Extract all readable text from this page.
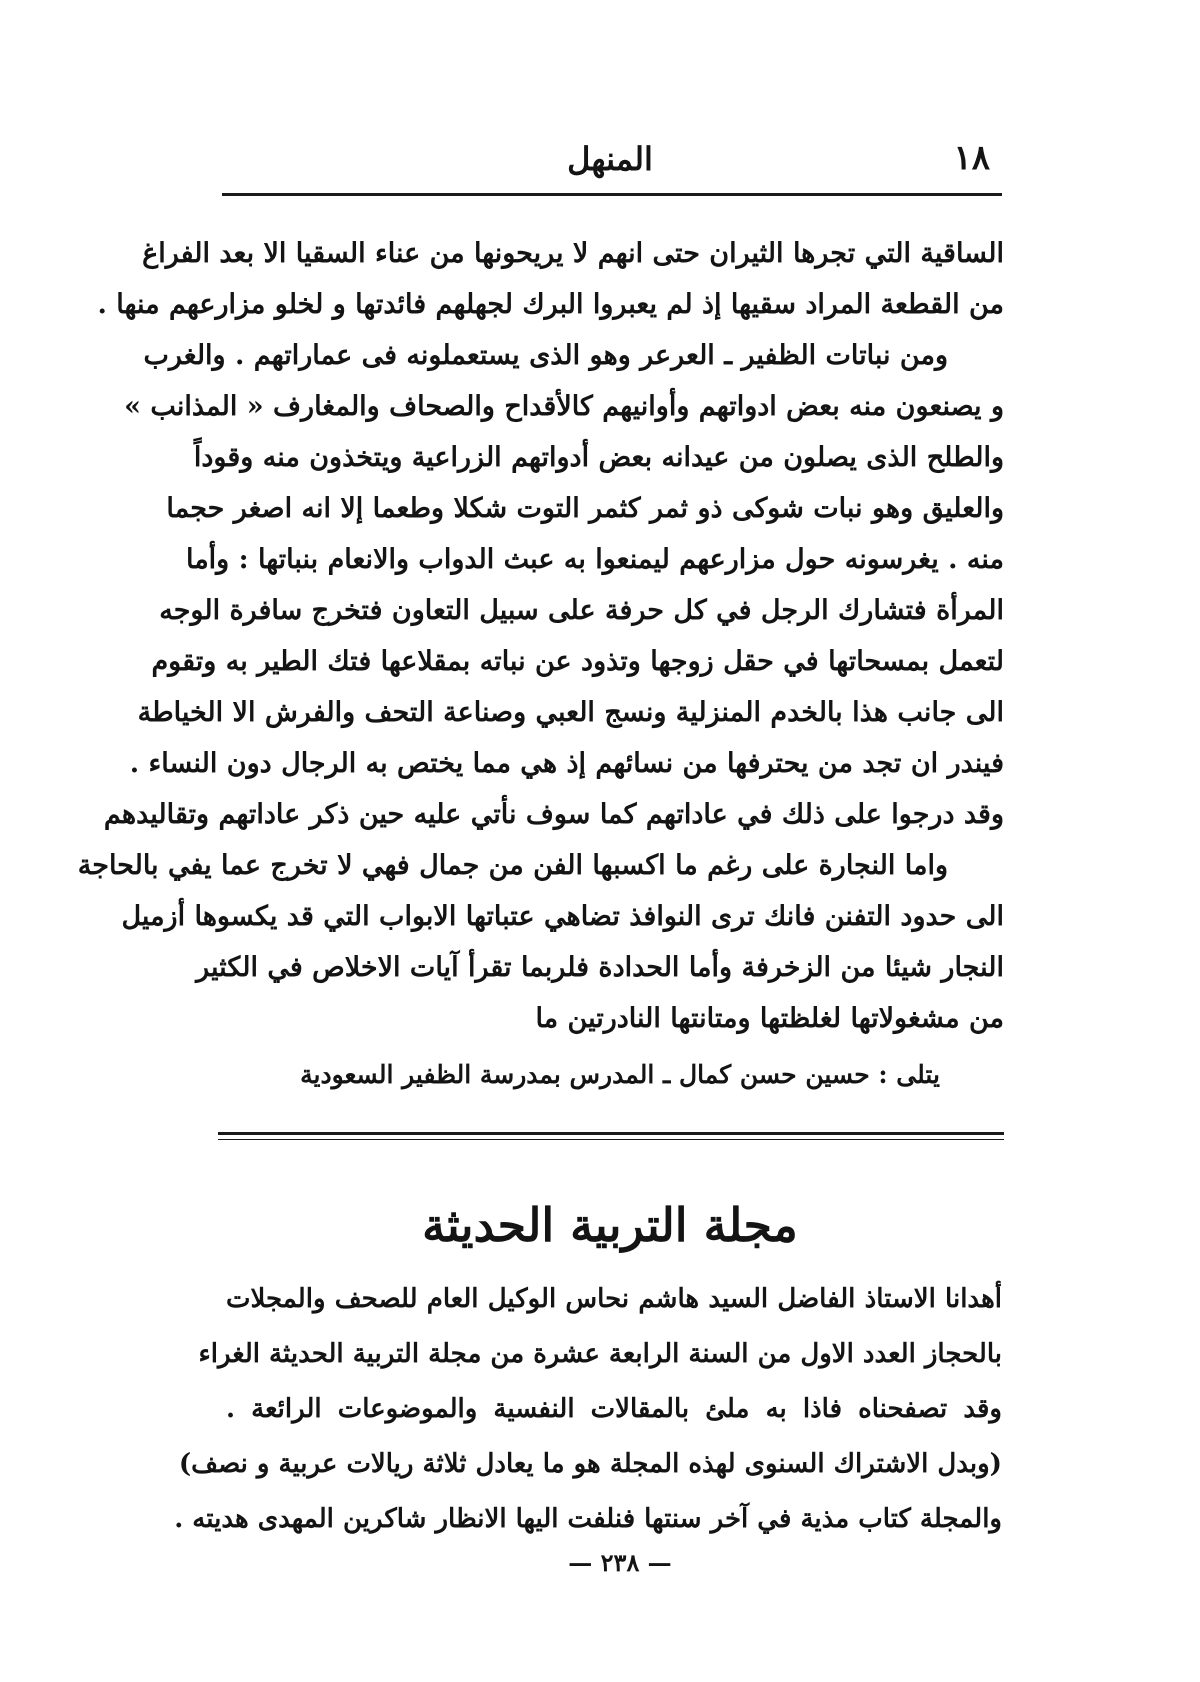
١٨
المنهل
الساقية التي تجرها الثيران حتى انهم لا يريحونها من عناء السقيا الا بعد الفراغ
من القطعة المراد سقيها إذ لم يعبروا البرك لجهلهم فائدتها و لخلو مزارعهم منها .
ومن نباتات الظفير ـ العرعر وهو الذى يستعملونه فى عماراتهم . والغرب
و يصنعون منه بعض ادواتهم وأوانيهم كالأقداح والصحاف والمغارف « المذانب »
والطلح الذى يصلون من عيدانه بعض أدواتهم الزراعية ويتخذون منه وقوداً
والعليق وهو نبات شوكى ذو ثمر كثمر التوت شكلا وطعما إلا انه اصغر حجما
منه . يغرسونه حول مزارعهم ليمنعوا به عبث الدواب والانعام بنباتها : وأما
المرأة فتشارك الرجل في كل حرفة على سبيل التعاون فتخرج سافرة الوجه
لتعمل بمسحاتها في حقل زوجها وتذود عن نباته بمقلاعها فتك الطير به وتقوم
الى جانب هذا بالخدم المنزلية ونسج العبي وصناعة التحف والفرش الا الخياطة
فيندر ان تجد من يحترفها من نسائهم إذ هي مما يختص به الرجال دون النساء .
وقد درجوا على ذلك في عاداتهم كما سوف نأتي عليه حين ذكر عاداتهم وتقاليدهم
واما النجارة على رغم ما اكسبها الفن من جمال فهي لا تخرج عما يفي بالحاجة
الى حدود التفنن فانك ترى النوافذ تضاهي عتباتها الابواب التي قد يكسوها أزميل
النجار شيئا من الزخرفة وأما الحدادة فلربما تقرأ آيات الاخلاص في الكثير
من مشغولاتها لغلظتها ومتانتها النادرتين ما
يتلى : حسين حسن كمال ـ المدرس بمدرسة الظفير السعودية
مجلة التربية الحديثة
أهدانا الاستاذ الفاضل السيد هاشم نحاس الوكيل العام للصحف والمجلات
بالحجاز العدد الاول من السنة الرابعة عشرة من مجلة التربية الحديثة الغراء
وقد تصفحناه فاذا به ملئ بالمقالات النفسية والموضوعات الرائعة .
(وبدل الاشتراك السنوى لهذه المجلة هو ما يعادل ثلاثة ريالات عربية و نصف)
والمجلة كتاب مذية في آخر سنتها فنلفت اليها الانظار شاكرين المهدى هديته .
— ٢٣٨ —
